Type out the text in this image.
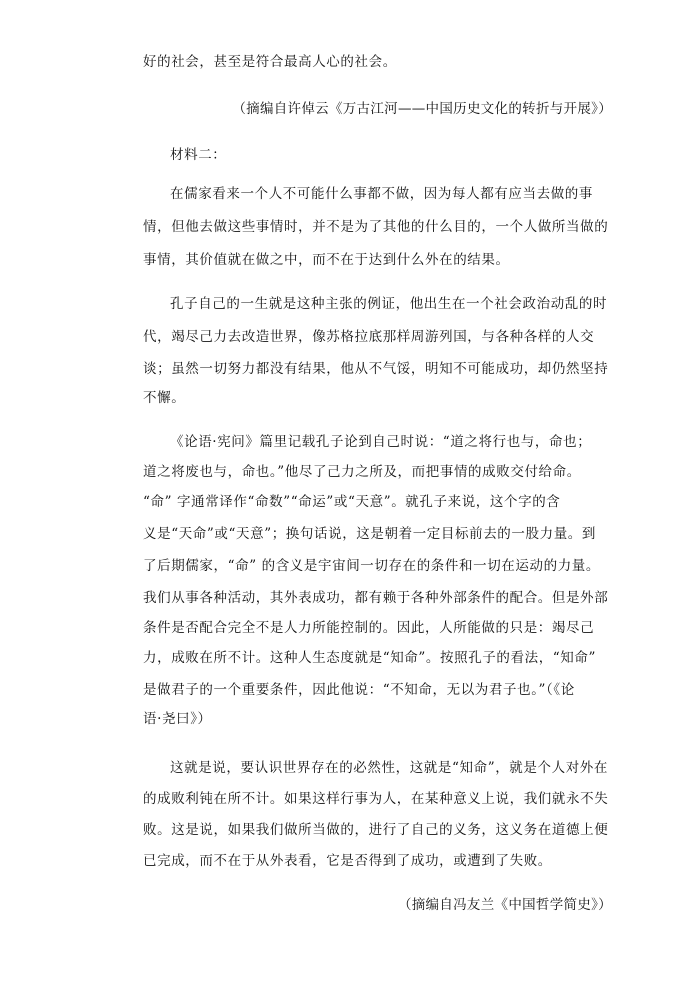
好的社会，甚至是符合最高人心的社会。
（摘编自许倬云《万古江河——中国历史文化的转折与开展》）
材料二：
在儒家看来一个人不可能什么事都不做，因为每人都有应当去做的事
情，但他去做这些事情时，并不是为了其他的什么目的，一个人做所当做的
事情，其价值就在做之中，而不在于达到什么外在的结果。
孔子自己的一生就是这种主张的例证，他出生在一个社会政治动乱的时
代，竭尽己力去改造世界，像苏格拉底那样周游列国，与各种各样的人交
谈；虽然一切努力都没有结果，他从不气馁，明知不可能成功，却仍然坚持
不懈。
《论语·宪问》篇里记载孔子论到自己时说：“道之将行也与，命也；
道之将废也与，命也。”他尽了己力之所及，而把事情的成败交付给命。
“命” 字通常译作“命数”“命运”或“天意”。就孔子来说，这个字的含
义是“天命”或“天意”；换句话说，这是朝着一定目标前去的一股力量。到
了后期儒家，“命” 的含义是宇宙间一切存在的条件和一切在运动的力量。
我们从事各种活动，其外表成功，都有赖于各种外部条件的配合。但是外部
条件是否配合完全不是人力所能控制的。因此，人所能做的只是：竭尽己
力，成败在所不计。这种人生态度就是“知命”。按照孔子的看法，“知命”
是做君子的一个重要条件，因此他说：“不知命，无以为君子也。”（《论
语·尧曰》）
这就是说，要认识世界存在的必然性，这就是“知命”，就是个人对外在
的成败利钝在所不计。如果这样行事为人，在某种意义上说，我们就永不失
败。这是说，如果我们做所当做的，进行了自己的义务，这义务在道德上便
已完成，而不在于从外表看，它是否得到了成功，或遭到了失败。
（摘编自冯友兰《中国哲学简史》）
